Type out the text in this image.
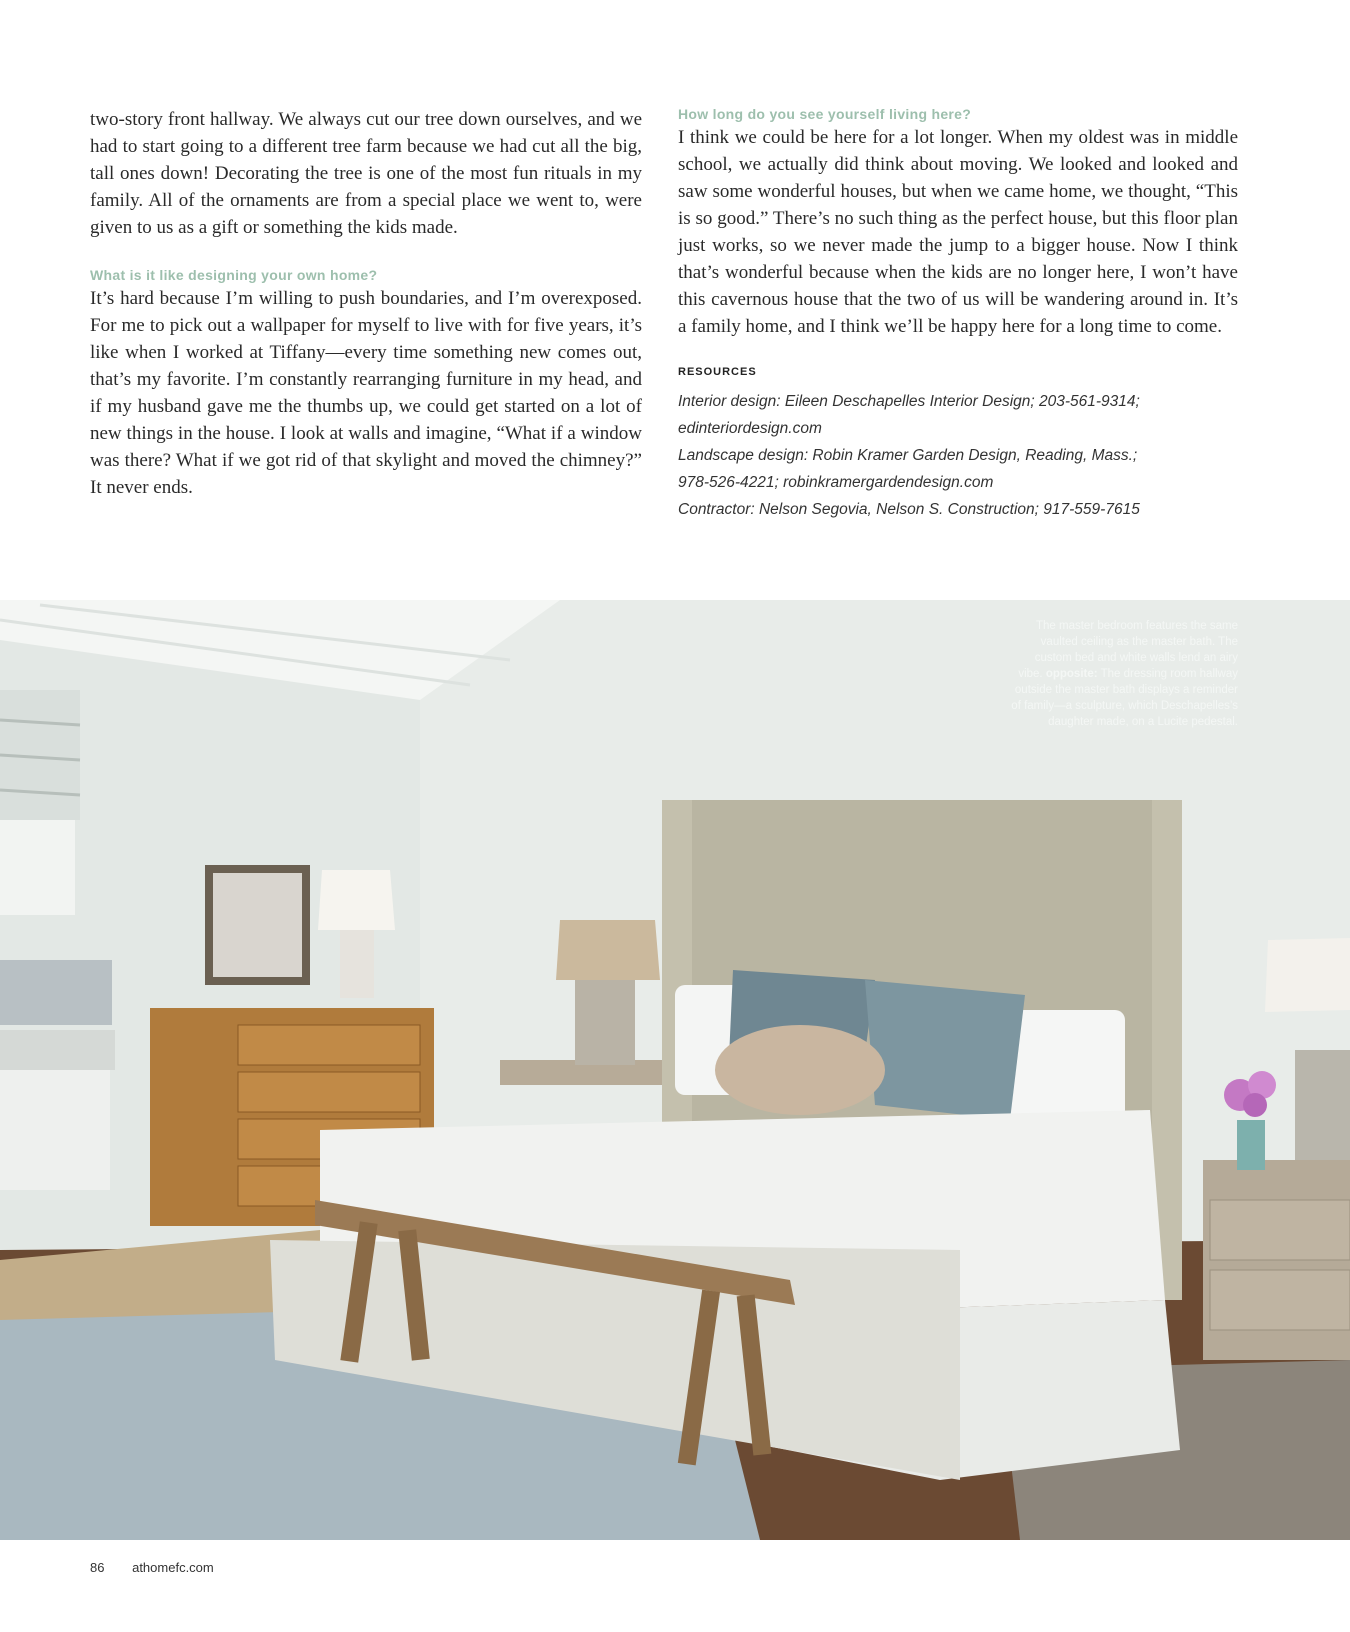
two-story front hallway. We always cut our tree down ourselves, and we had to start going to a different tree farm because we had cut all the big, tall ones down! Decorating the tree is one of the most fun rituals in my family. All of the ornaments are from a special place we went to, were given to us as a gift or something the kids made.

What is it like designing your own home?

It’s hard because I’m willing to push boundaries, and I’m overexposed. For me to pick out a wallpaper for myself to live with for five years, it’s like when I worked at Tiffany—every time something new comes out, that’s my favorite. I’m constantly rearranging furniture in my head, and if my husband gave me the thumbs up, we could get started on a lot of new things in the house. I look at walls and imagine, “What if a window was there? What if we got rid of that skylight and moved the chimney?” It never ends.

How long do you see yourself living here?

I think we could be here for a lot longer. When my oldest was in middle school, we actually did think about moving. We looked and looked and saw some wonderful houses, but when we came home, we thought, “This is so good.” There’s no such thing as the perfect house, but this floor plan just works, so we never made the jump to a bigger house. Now I think that’s wonderful because when the kids are no longer here, I won’t have this cavernous house that the two of us will be wandering around in. It’s a family home, and I think we’ll be happy here for a long time to come.

RESOURCES

Interior design: Eileen Deschapelles Interior Design; 203-561-9314;

edinteriordesign.com

Landscape design: Robin Kramer Garden Design, Reading, Mass.;

978-526-4221; robinkramergardendesign.com

Contractor: Nelson Segovia, Nelson S. Construction; 917-559-7615

The master bedroom features the same vaulted ceiling as the master bath. The custom bed and white walls lend an airy vibe. opposite: The dressing room hallway outside the master bath displays a reminder of family—a sculpture, which Deschapelles’s daughter made, on a Lucite pedestal.
86 athomefc.com
